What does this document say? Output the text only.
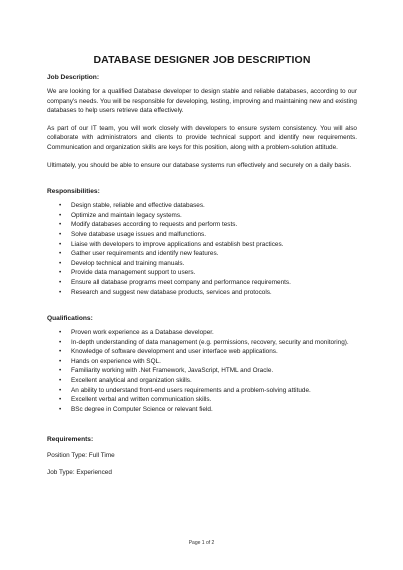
DATABASE DESIGNER JOB DESCRIPTION
Job Description:

We are looking for a qualified Database developer to design stable and reliable databases, according to our company's needs. You will be responsible for developing, testing, improving and maintaining new and existing databases to help users retrieve data effectively.

As part of our IT team, you will work closely with developers to ensure system consistency. You will also collaborate with administrators and clients to provide technical support and identify new requirements. Communication and organization skills are keys for this position, along with a problem-solution attitude.

Ultimately, you should be able to ensure our database systems run effectively and securely on a daily basis.

Responsibilities:
• Design stable, reliable and effective databases.
• Optimize and maintain legacy systems.
• Modify databases according to requests and perform tests.
• Solve database usage issues and malfunctions.
• Liaise with developers to improve applications and establish best practices.
• Gather user requirements and identify new features.
• Develop technical and training manuals.
• Provide data management support to users.
• Ensure all database programs meet company and performance requirements.
• Research and suggest new database products, services and protocols.
Qualifications:
• Proven work experience as a Database developer.
• In-depth understanding of data management (e.g. permissions, recovery, security and monitoring).
• Knowledge of software development and user interface web applications.
• Hands on experience with SQL.
• Familiarity working with .Net Framework, JavaScript, HTML and Oracle.
• Excellent analytical and organization skills.
• An ability to understand front-end users requirements and a problem-solving attitude.
• Excellent verbal and written communication skills.
• BSc degree in Computer Science or relevant field.
Requirements:
Position Type: Full Time
Job Type: Experienced
Page 1 of 2
